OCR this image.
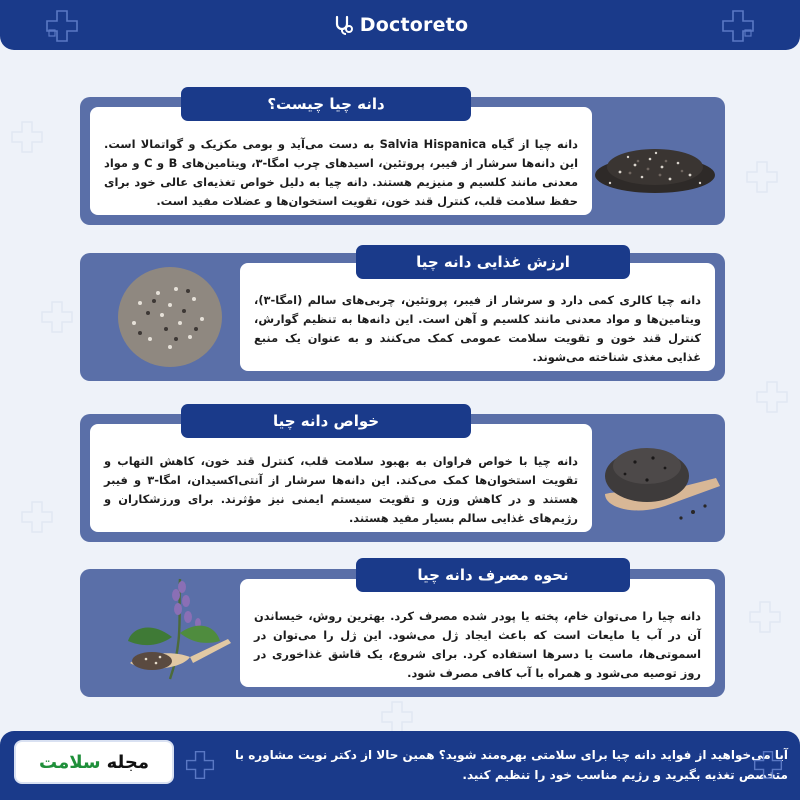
Doctoreto
دانه چیا از گیاه Salvia Hispanica به دست می‌آید و بومی مکزیک و گواتمالا است. این دانه‌ها سرشار از فیبر، پروتئین، اسیدهای چرب امگا-۳، ویتامین‌های B و C و مواد معدنی مانند کلسیم و منیزیم هستند. دانه چیا به دلیل خواص تغذیه‌ای عالی خود برای حفظ سلامت قلب، کنترل قند خون، تقویت استخوان‌ها و عضلات مفید است.
دانه چیا چیست؟
دانه چیا کالری کمی دارد و سرشار از فیبر، پروتئین، چربی‌های سالم (امگا-۳)، ویتامین‌ها و مواد معدنی مانند کلسیم و آهن است. این دانه‌ها به تنظیم گوارش، کنترل قند خون و تقویت سلامت عمومی کمک می‌کنند و به عنوان یک منبع غذایی مغذی شناخته می‌شوند.
ارزش غذایی دانه چیا
دانه چیا با خواص فراوان به بهبود سلامت قلب، کنترل قند خون، کاهش التهاب و تقویت استخوان‌ها کمک می‌کند. این دانه‌ها سرشار از آنتی‌اکسیدان، امگا-۳ و فیبر هستند و در کاهش وزن و تقویت سیستم ایمنی نیز مؤثرند. برای ورزشکاران و رژیم‌های غذایی سالم بسیار مفید هستند.
خواص دانه چیا
دانه چیا را می‌توان خام، پخته یا پودر شده مصرف کرد. بهترین روش، خیساندن آن در آب یا مایعات است که باعث ایجاد ژل می‌شود. این ژل را می‌توان در اسموتی‌ها، ماست یا دسرها استفاده کرد. برای شروع، یک قاشق غذاخوری در روز توصیه می‌شود و همراه با آب کافی مصرف شود.
نحوه مصرف دانه چیا
آیا می‌خواهید از فواید دانه چیا برای سلامتی بهره‌مند شوید؟ همین حالا از دکتر نوبت مشاوره با متخصص تغذیه بگیرید و رژیم مناسب خود را تنظیم کنید.
مجله
سلامت
